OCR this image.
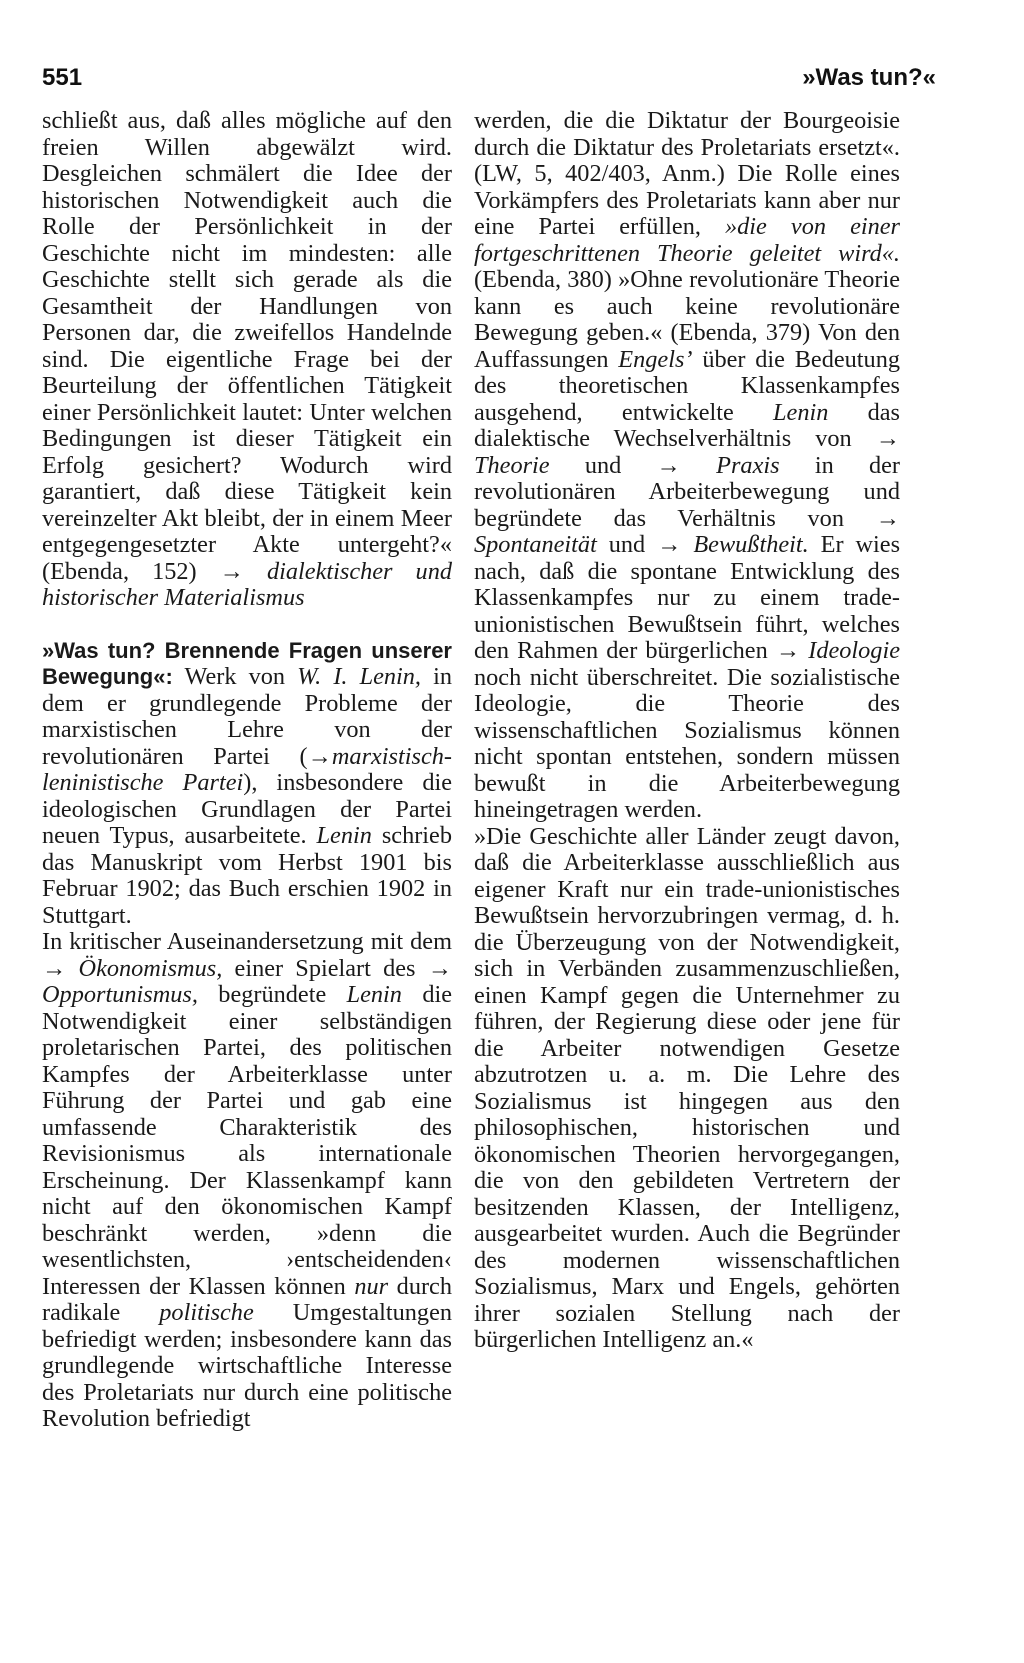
551	»Was tun?«

schließt aus, daß alles mögliche auf den freien Willen abgewälzt wird. Desgleichen schmälert die Idee der historischen Notwendigkeit auch die Rolle der Persönlichkeit in der Geschichte nicht im mindesten: alle Geschichte stellt sich gerade als die Gesamtheit der Handlungen von Personen dar, die zweifellos Handelnde sind. Die eigentliche Frage bei der Beurteilung der öffentlichen Tätigkeit einer Persönlichkeit lautet: Unter welchen Bedingungen ist dieser Tätigkeit ein Erfolg gesichert? Wodurch wird garantiert, daß diese Tätigkeit kein vereinzelter Akt bleibt, der in einem Meer entgegengesetzter Akte untergeht?« (Ebenda, 152) → dialektischer und historischer Materialismus

»Was tun? Brennende Fragen unserer Bewegung«: Werk von W. I. Lenin, in dem er grundlegende Probleme der marxistischen Lehre von der revolutionären Partei (→marxistisch-leninistische Partei), insbesondere die ideologischen Grundlagen der Partei neuen Typus, ausarbeitete. Lenin schrieb das Manuskript vom Herbst 1901 bis Februar 1902; das Buch erschien 1902 in Stuttgart.

In kritischer Auseinandersetzung mit dem → Ökonomismus, einer Spielart des → Opportunismus, begründete Lenin die Notwendigkeit einer selbständigen proletarischen Partei, des politischen Kampfes der Arbeiterklasse unter Führung der Partei und gab eine umfassende Charakteristik des Revisionismus als internationale Erscheinung. Der Klassenkampf kann nicht auf den ökonomischen Kampf beschränkt werden, »denn die wesentlichsten, ›entscheidenden‹ Interessen der Klassen können nur durch radikale politische Umgestaltungen befriedigt werden; insbesondere kann das grundlegende wirtschaftliche Interesse des Proletariats nur durch eine politische Revolution befriedigt

werden, die die Diktatur der Bourgeoisie durch die Diktatur des Proletariats ersetzt«. (LW, 5, 402/403, Anm.) Die Rolle eines Vorkämpfers des Proletariats kann aber nur eine Partei erfüllen, »die von einer fortgeschrittenen Theorie geleitet wird«. (Ebenda, 380) »Ohne revolutionäre Theorie kann es auch keine revolutionäre Bewegung geben.« (Ebenda, 379) Von den Auffassungen Engels’ über die Bedeutung des theoretischen Klassenkampfes ausgehend, entwickelte Lenin das dialektische Wechselverhältnis von → Theorie und → Praxis in der revolutionären Arbeiterbewegung und begründete das Verhältnis von → Spontaneität und → Bewußtheit. Er wies nach, daß die spontane Entwicklung des Klassenkampfes nur zu einem trade-unionistischen Bewußtsein führt, welches den Rahmen der bürgerlichen → Ideologie noch nicht überschreitet. Die sozialistische Ideologie, die Theorie des wissenschaftlichen Sozialismus können nicht spontan entstehen, sondern müssen bewußt in die Arbeiterbewegung hineingetragen werden.

»Die Geschichte aller Länder zeugt davon, daß die Arbeiterklasse ausschließlich aus eigener Kraft nur ein trade-unionistisches Bewußtsein hervorzubringen vermag, d. h. die Überzeugung von der Notwendigkeit, sich in Verbänden zusammenzuschließen, einen Kampf gegen die Unternehmer zu führen, der Regierung diese oder jene für die Arbeiter notwendigen Gesetze abzutrotzen u. a. m. Die Lehre des Sozialismus ist hingegen aus den philosophischen, historischen und ökonomischen Theorien hervorgegangen, die von den gebildeten Vertretern der besitzenden Klassen, der Intelligenz, ausgearbeitet wurden. Auch die Begründer des modernen wissenschaftlichen Sozialismus, Marx und Engels, gehörten ihrer sozialen Stellung nach der bürgerlichen Intelligenz an.«
